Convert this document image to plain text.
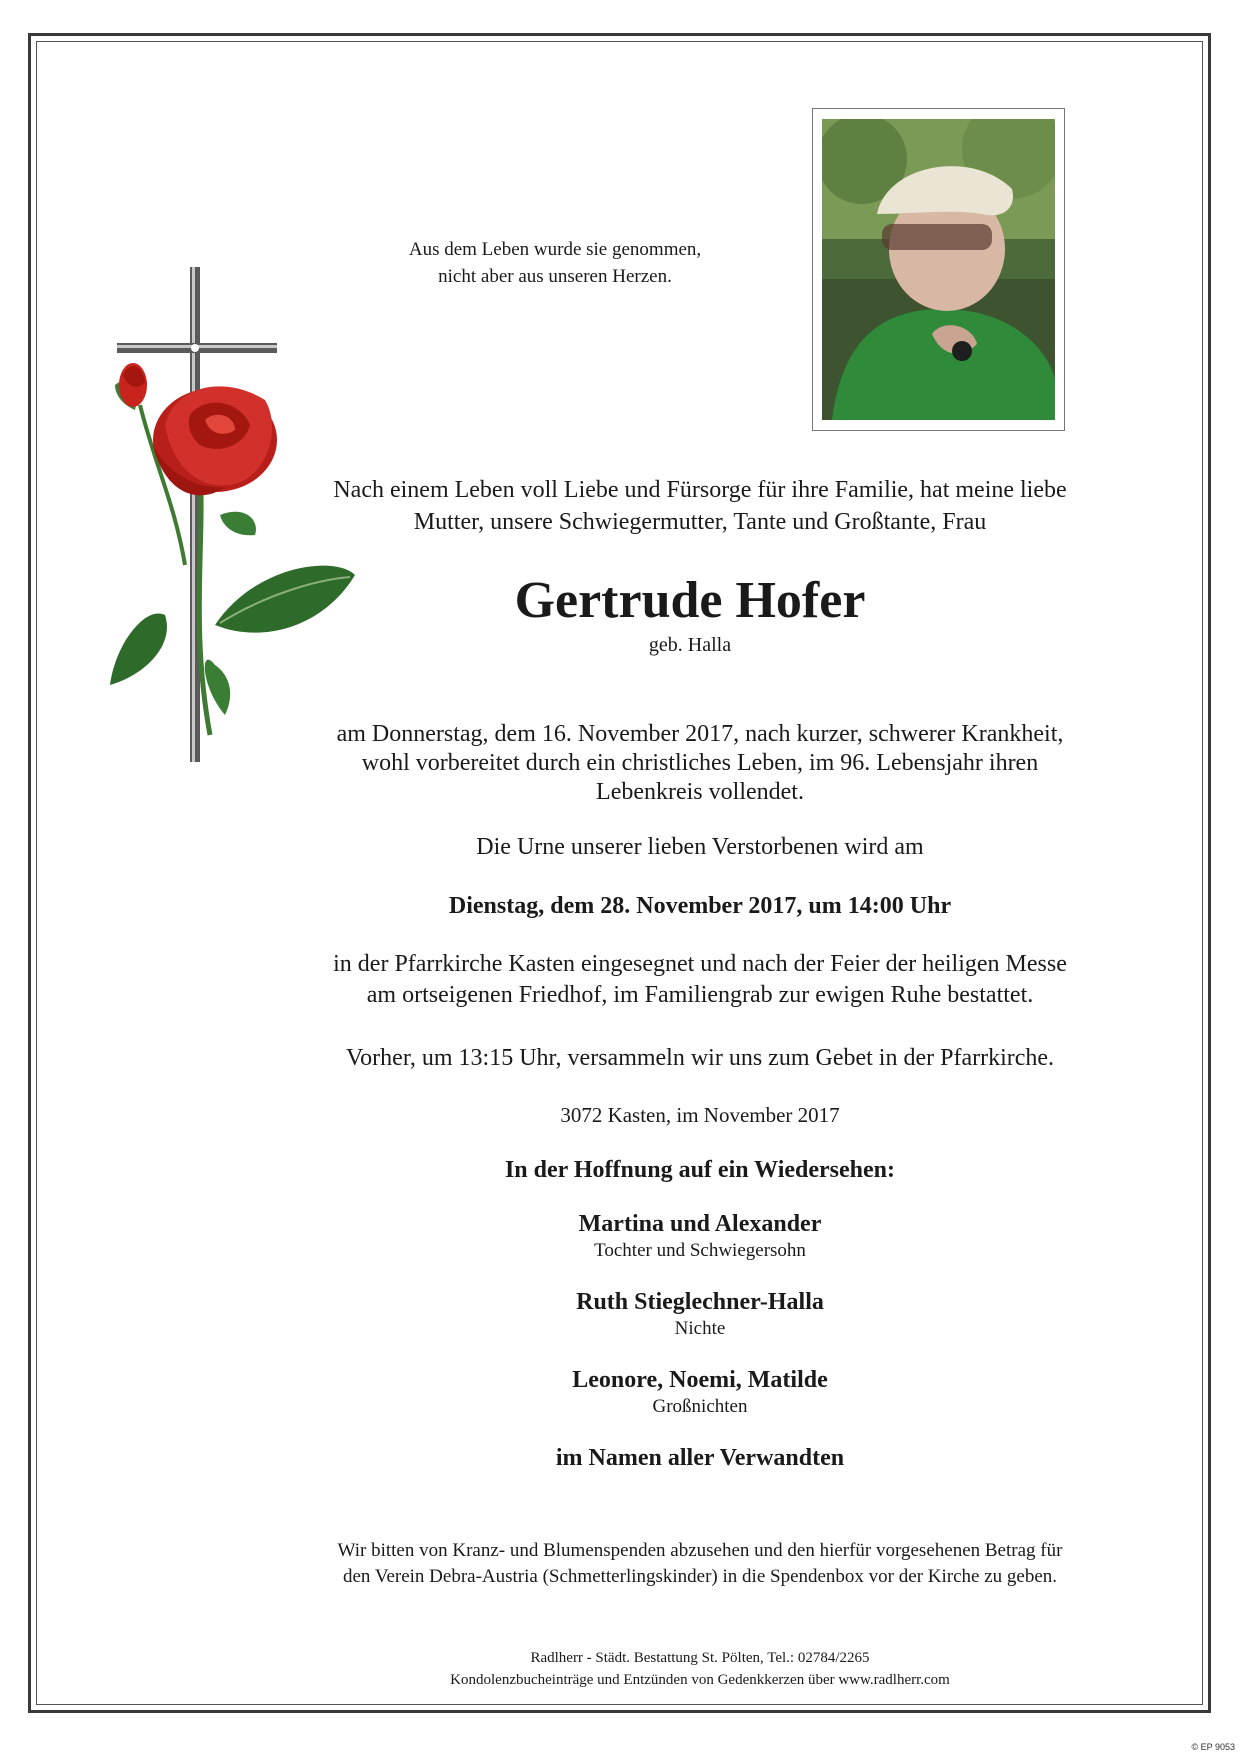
Aus dem Leben wurde sie genommen,
nicht aber aus unseren Herzen.
Nach einem Leben voll Liebe und Fürsorge für ihre Familie, hat meine liebe
Mutter, unsere Schwiegermutter, Tante und Großtante, Frau
Gertrude Hofer
geb. Halla
am Donnerstag, dem 16. November 2017, nach kurzer, schwerer Krankheit,
wohl vorbereitet durch ein christliches Leben, im 96. Lebensjahr ihren
Lebenkreis vollendet.
Die Urne unserer lieben Verstorbenen wird am
Dienstag, dem 28. November 2017, um 14:00 Uhr
in der Pfarrkirche Kasten eingesegnet und nach der Feier der heiligen Messe
am ortseigenen Friedhof, im Familiengrab zur ewigen Ruhe bestattet.
Vorher, um 13:15 Uhr, versammeln wir uns zum Gebet in der Pfarrkirche.
3072 Kasten, im November 2017
In der Hoffnung auf ein Wiedersehen:
Martina und Alexander
Tochter und Schwiegersohn
Ruth Stieglechner-Halla
Nichte
Leonore, Noemi, Matilde
Großnichten
im Namen aller Verwandten
Wir bitten von Kranz- und Blumenspenden abzusehen und den hierfür vorgesehenen Betrag für
den Verein Debra-Austria (Schmetterlingskinder) in die Spendenbox vor der Kirche zu geben.
Radlherr - Städt. Bestattung St. Pölten, Tel.: 02784/2265
Kondolenzbucheinträge und Entzünden von Gedenkkerzen über www.radlherr.com
© EP 9053
